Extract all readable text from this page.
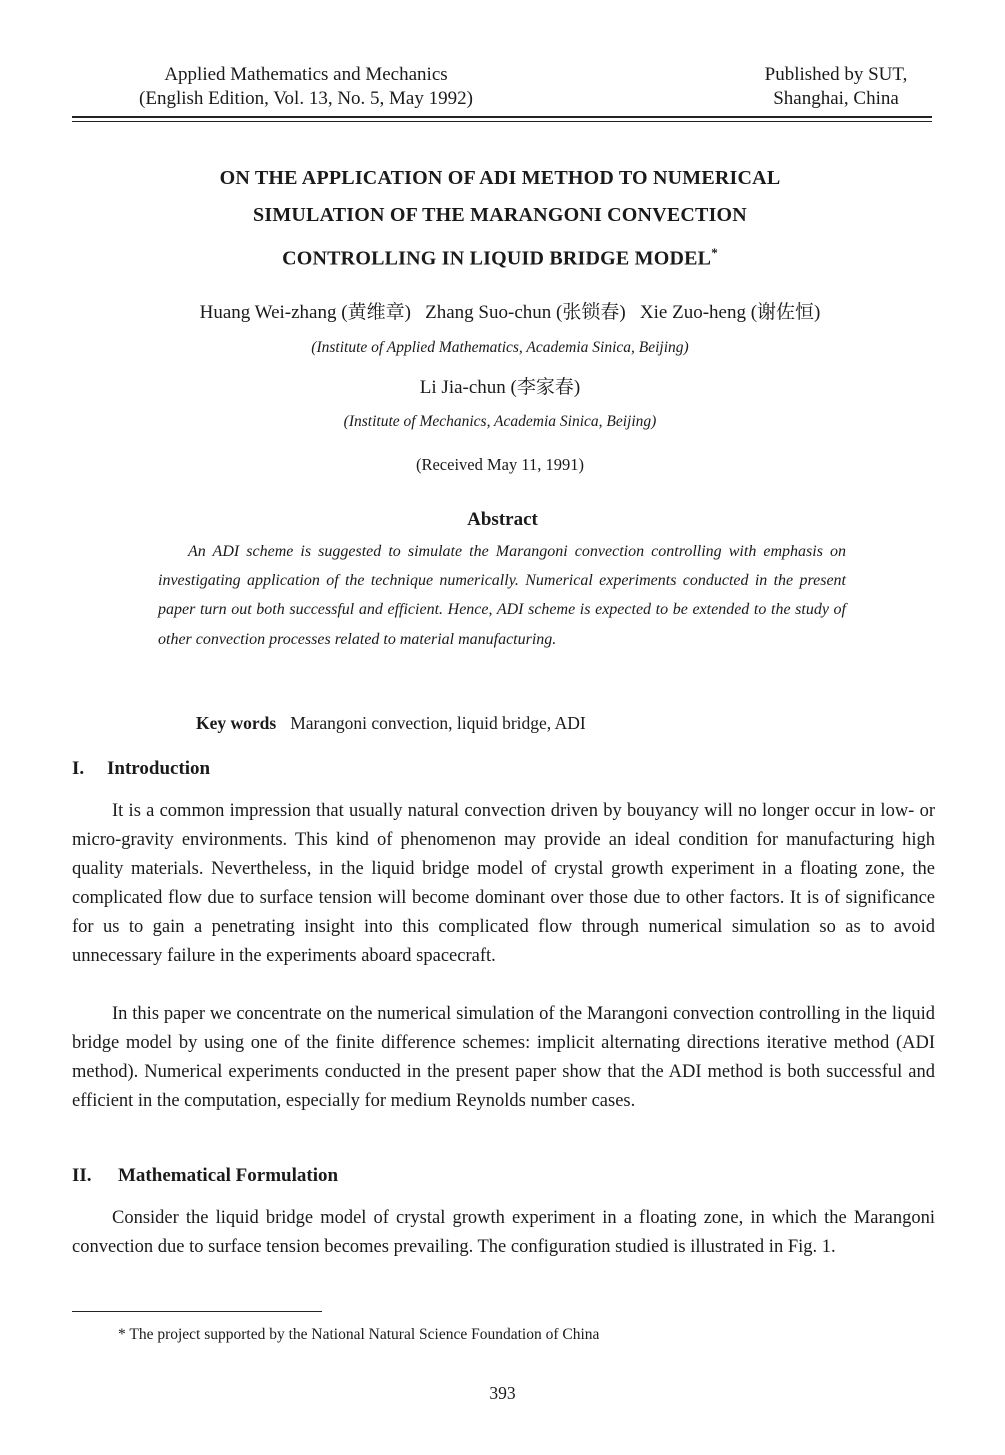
Applied Mathematics and Mechanics
(English Edition, Vol. 13, No. 5, May 1992)
Published by SUT,
Shanghai, China
ON THE APPLICATION OF ADI METHOD TO NUMERICAL
SIMULATION OF THE MARANGONI CONVECTION
CONTROLLING IN LIQUID BRIDGE MODEL*
Huang Wei-zhang (黄维章)   Zhang Suo-chun (张锁春)   Xie Zuo-heng (谢佐恒)
(Institute of Applied Mathematics, Academia Sinica, Beijing)
Li Jia-chun (李家春)
(Institute of Mechanics, Academia Sinica, Beijing)
(Received May 11, 1991)
Abstract
An ADI scheme is suggested to simulate the Marangoni convection controlling with emphasis on investigating application of the technique numerically. Numerical experiments conducted in the present paper turn out both successful and efficient. Hence, ADI scheme is expected to be extended to the study of other convection processes related to material manufacturing.
Key words Marangoni convection, liquid bridge, ADI
I. Introduction
It is a common impression that usually natural convection driven by bouyancy will no longer occur in low- or micro-gravity environments. This kind of phenomenon may provide an ideal condition for manufacturing high quality materials. Nevertheless, in the liquid bridge model of crystal growth experiment in a floating zone, the complicated flow due to surface tension will become dominant over those due to other factors. It is of significance for us to gain a penetrating insight into this complicated flow through numerical simulation so as to avoid unnecessary failure in the experiments aboard spacecraft.
In this paper we concentrate on the numerical simulation of the Marangoni convection controlling in the liquid bridge model by using one of the finite difference schemes: implicit alternating directions iterative method (ADI method). Numerical experiments conducted in the present paper show that the ADI method is both successful and efficient in the computation, especially for medium Reynolds number cases.
II. Mathematical Formulation
Consider the liquid bridge model of crystal growth experiment in a floating zone, in which the Marangoni convection due to surface tension becomes prevailing. The configuration studied is illustrated in Fig. 1.
* The project supported by the National Natural Science Foundation of China
393
